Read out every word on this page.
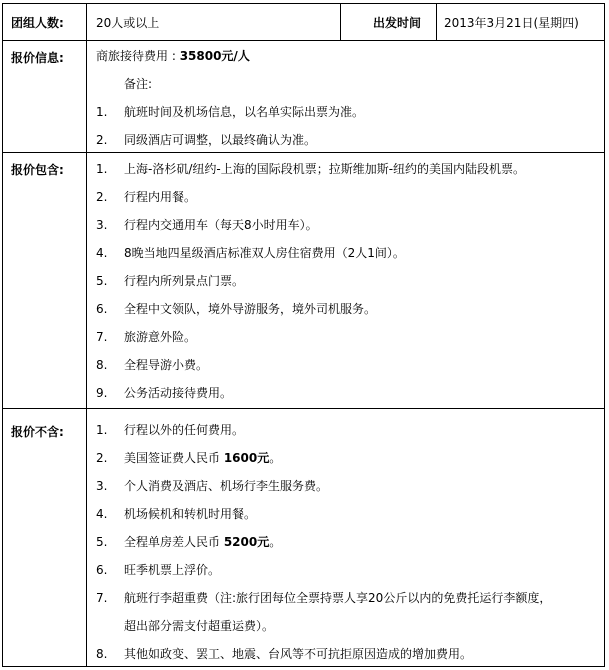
团组人数:	20人或以上	出发时间 2013年3月21日(星期四)
报价信息:	商旅接待费用 : 35800元/人
备注:
1. 航班时间及机场信息，以名单实际出票为准。
2. 同级酒店可调整，以最终确认为准。
报价包含:	1. 上海-洛杉矶/纽约-上海的国际段机票；拉斯维加斯-纽约的美国内陆段机票。
2. 行程内用餐。
3. 行程内交通用车（每天8小时用车）。
4. 8晚当地四星级酒店标准双人房住宿费用（2人1间）。
5. 行程内所列景点门票。
6. 全程中文领队，境外导游服务，境外司机服务。
7. 旅游意外险。
8. 全程导游小费。
9. 公务活动接待费用。
报价不含:	1. 行程以外的任何费用。
2. 美国签证费人民币 1600元。
3. 个人消费及酒店、机场行李生服务费。
4. 机场候机和转机时用餐。
5. 全程单房差人民币 5200元。
6. 旺季机票上浮价。
7. 航班行李超重费（注:旅行团每位全票持票人享20公斤以内的免费托运行李额度，
超出部分需支付超重运费）。
8. 其他如政变、罢工、地震、台风等不可抗拒原因造成的增加费用。
